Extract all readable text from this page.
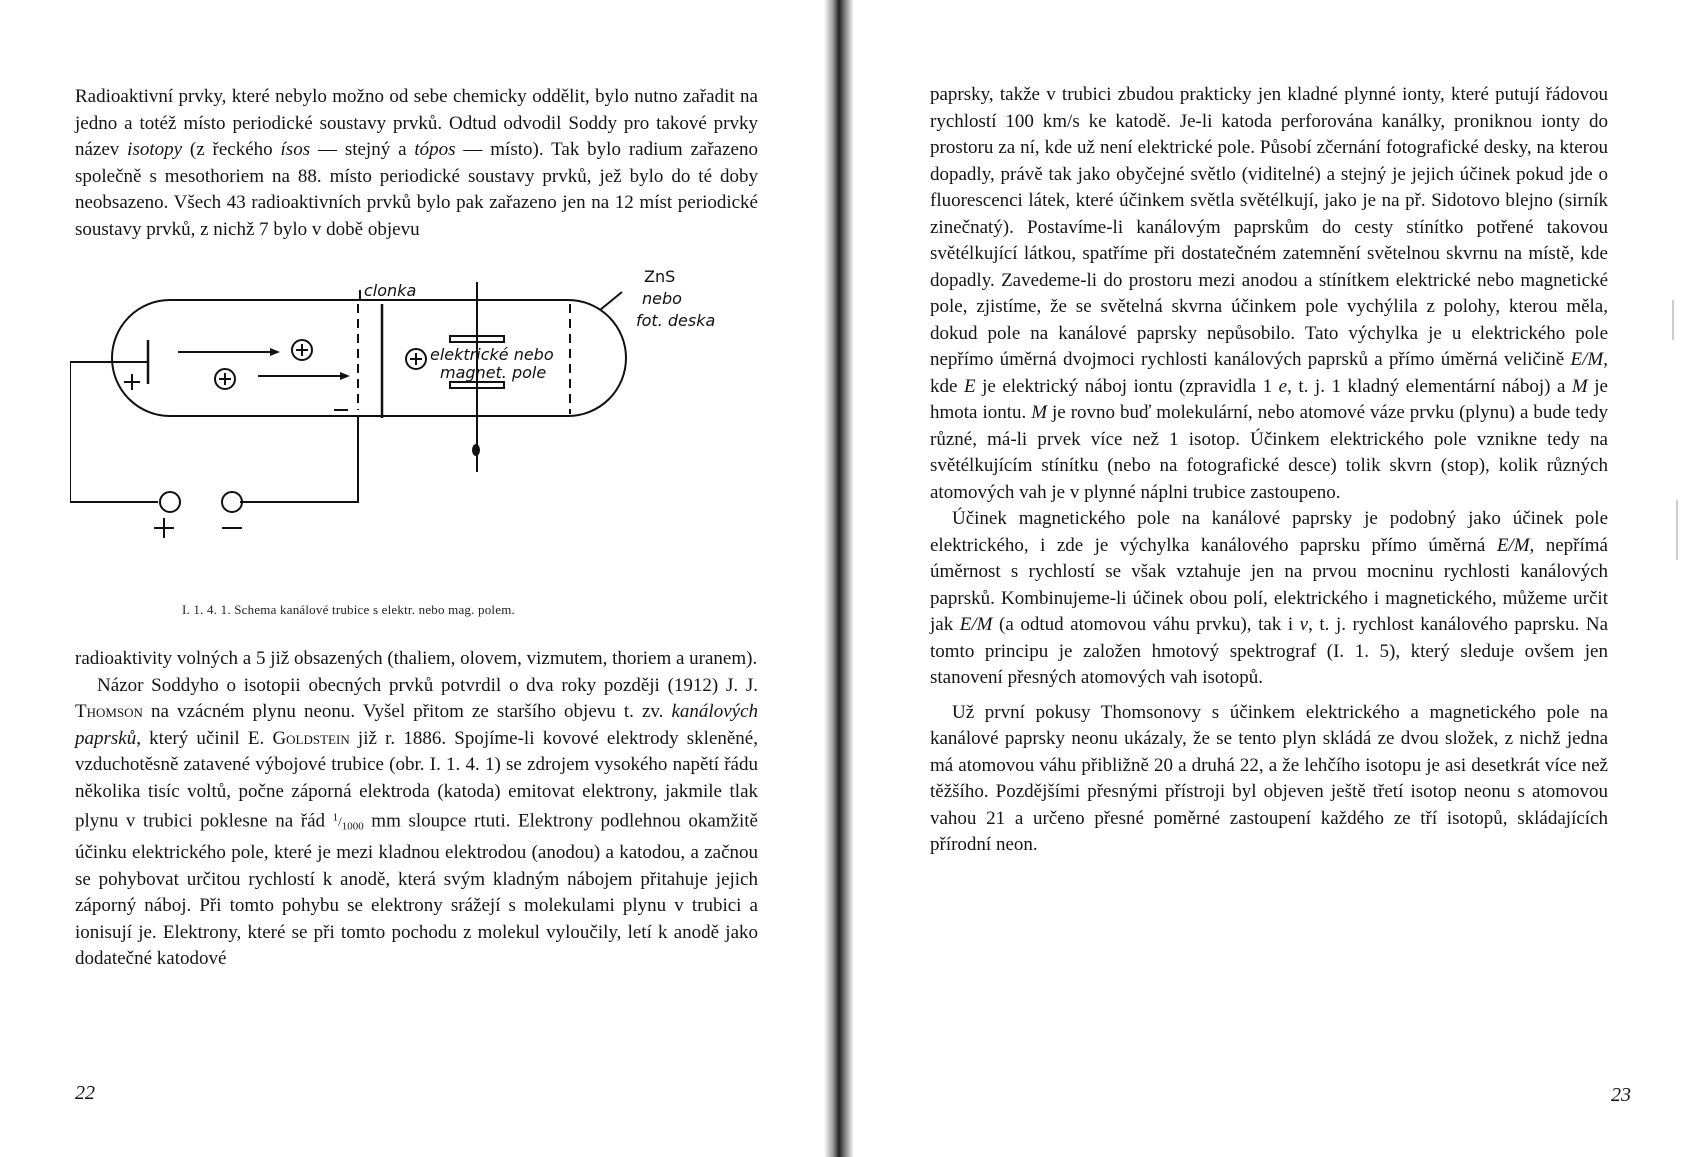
Radioaktivní prvky, které nebylo možno od sebe chemicky oddělit, bylo nutno zařadit na jedno a totéž místo periodické soustavy prvků. Odtud odvodil Soddy pro takové prvky název isotopy (z řeckého ísos — stejný a tópos — místo). Tak bylo radium zařazeno společně s mesothoriem na 88. místo periodické soustavy prvků, jež bylo do té doby neobsazeno. Všech 43 radioaktivních prvků bylo pak zařazeno jen na 12 míst periodické soustavy prvků, z nichž 7 bylo v době objevu

clonka
ZnS
nebo
fot. deska
elektrické nebo
magnet. pole
I. 1. 4. 1. Schema kanálové trubice s elektr. nebo mag. polem.

radioaktivity volných a 5 již obsazených (thaliem, olovem, vizmutem, thoriem a uranem).

Názor Soddyho o isotopii obecných prvků potvrdil o dva roky později (1912) J. J. Thomson na vzácném plynu neonu. Vyšel přitom ze staršího objevu t. zv. kanálových paprsků, který učinil E. Goldstein již r. 1886. Spojíme-li kovové elektrody skleněné, vzduchotěsně zatavené výbojové trubice (obr. I. 1. 4. 1) se zdrojem vysokého napětí řádu několika tisíc voltů, počne záporná elektroda (katoda) emitovat elektrony, jakmile tlak plynu v trubici poklesne na řád $^1/_{1000}$ mm sloupce rtuti. Elektrony podlehnou okamžitě účinku elektrického pole, které je mezi kladnou elektrodou (anodou) a katodou, a začnou se pohybovat určitou rychlostí k anodě, která svým kladným nábojem přitahuje jejich záporný náboj. Při tomto pohybu se elektrony srážejí s molekulami plynu v trubici a ionisují je. Elektrony, které se při tomto pochodu z molekul vyloučily, letí k anodě jako dodatečné katodové

22

paprsky, takže v trubici zbudou prakticky jen kladné plynné ionty, které putují řádovou rychlostí 100 km/s ke katodě. Je-li katoda perforována kanálky, proniknou ionty do prostoru za ní, kde už není elektrické pole. Působí zčernání fotografické desky, na kterou dopadly, právě tak jako obyčejné světlo (viditelné) a stejný je jejich účinek pokud jde o fluorescenci látek, které účinkem světla světélkují, jako je na př. Sidotovo blejno (sirník zinečnatý). Postavíme-li kanálovým paprskům do cesty stínítko potřené takovou světélkující látkou, spatříme při dostatečném zatemnění světelnou skvrnu na místě, kde dopadly. Zavedeme-li do prostoru mezi anodou a stínítkem elektrické nebo magnetické pole, zjistíme, že se světelná skvrna účinkem pole vychýlila z polohy, kterou měla, dokud pole na kanálové paprsky nepůsobilo. Tato výchylka je u elektrického pole nepřímo úměrná dvojmoci rychlosti kanálových paprsků a přímo úměrná veličině E/M, kde E je elektrický náboj iontu (zpravidla 1 e, t. j. 1 kladný elementární náboj) a M je hmota iontu. M je rovno buď molekulární, nebo atomové váze prvku (plynu) a bude tedy různé, má-li prvek více než 1 isotop. Účinkem elektrického pole vznikne tedy na světélkujícím stínítku (nebo na fotografické desce) tolik skvrn (stop), kolik různých atomových vah je v plynné náplni trubice zastoupeno.

Účinek magnetického pole na kanálové paprsky je podobný jako účinek pole elektrického, i zde je výchylka kanálového paprsku přímo úměrná E/M, nepřímá úměrnost s rychlostí se však vztahuje jen na prvou mocninu rychlosti kanálových paprsků. Kombinujeme-li účinek obou polí, elektrického i magnetického, můžeme určit jak E/M (a odtud atomovou váhu prvku), tak i v, t. j. rychlost kanálového paprsku. Na tomto principu je založen hmotový spektrograf (I. 1. 5), který sleduje ovšem jen stanovení přesných atomových vah isotopů.

Už první pokusy Thomsonovy s účinkem elektrického a magnetického pole na kanálové paprsky neonu ukázaly, že se tento plyn skládá ze dvou složek, z nichž jedna má atomovou váhu přibližně 20 a druhá 22, a že lehčího isotopu je asi desetkrát více než těžšího. Pozdějšími přesnými přístroji byl objeven ještě třetí isotop neonu s atomovou vahou 21 a určeno přesné poměrné zastoupení každého ze tří isotopů, skládajících přírodní neon.

23
